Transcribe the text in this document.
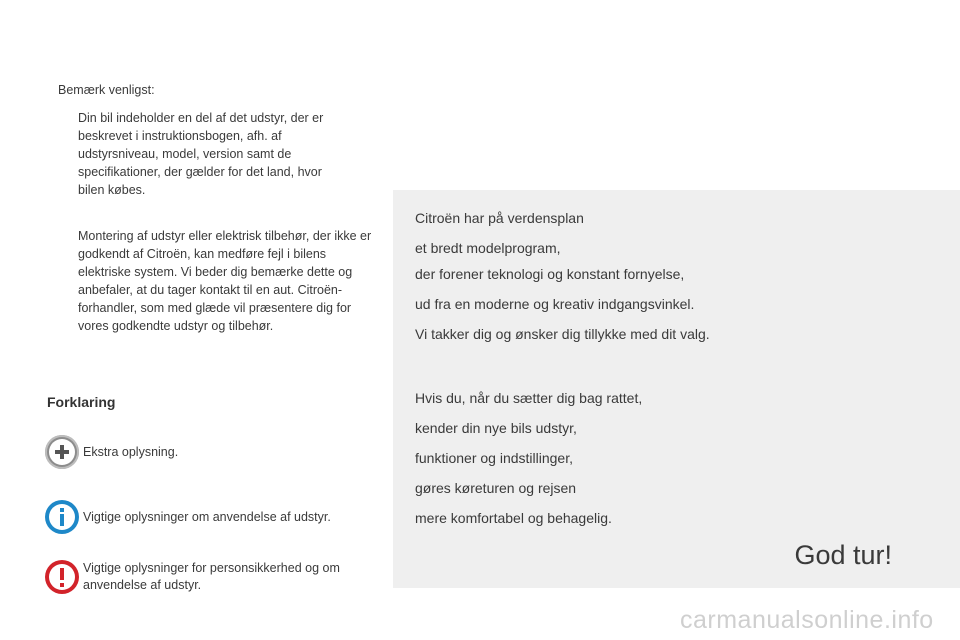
Bemærk venligst:
Din bil indeholder en del af det udstyr, der er beskrevet i instruktionsbogen, afh. af udstyrsniveau, model, version samt de specifikationer, der gælder for det land, hvor bilen købes.
Montering af udstyr eller elektrisk tilbehør, der ikke er godkendt af Citroën, kan medføre fejl i bilens elektriske system. Vi beder dig bemærke dette og anbefaler, at du tager kontakt til en aut. Citroën-forhandler, som med glæde vil præsentere dig for vores godkendte udstyr og tilbehør.
Forklaring
Ekstra oplysning.
Vigtige oplysninger om anvendelse af udstyr.
Vigtige oplysninger for personsikkerhed og om anvendelse af udstyr.
Citroën har på verdensplan
et bredt modelprogram,
der forener teknologi og konstant fornyelse,
ud fra en moderne og kreativ indgangsvinkel.
Vi takker dig og ønsker dig tillykke med dit valg.
Hvis du, når du sætter dig bag rattet,
kender din nye bils udstyr,
funktioner og indstillinger,
gøres køreturen og rejsen
mere komfortabel og behagelig.
God tur!
carmanualsonline.info
